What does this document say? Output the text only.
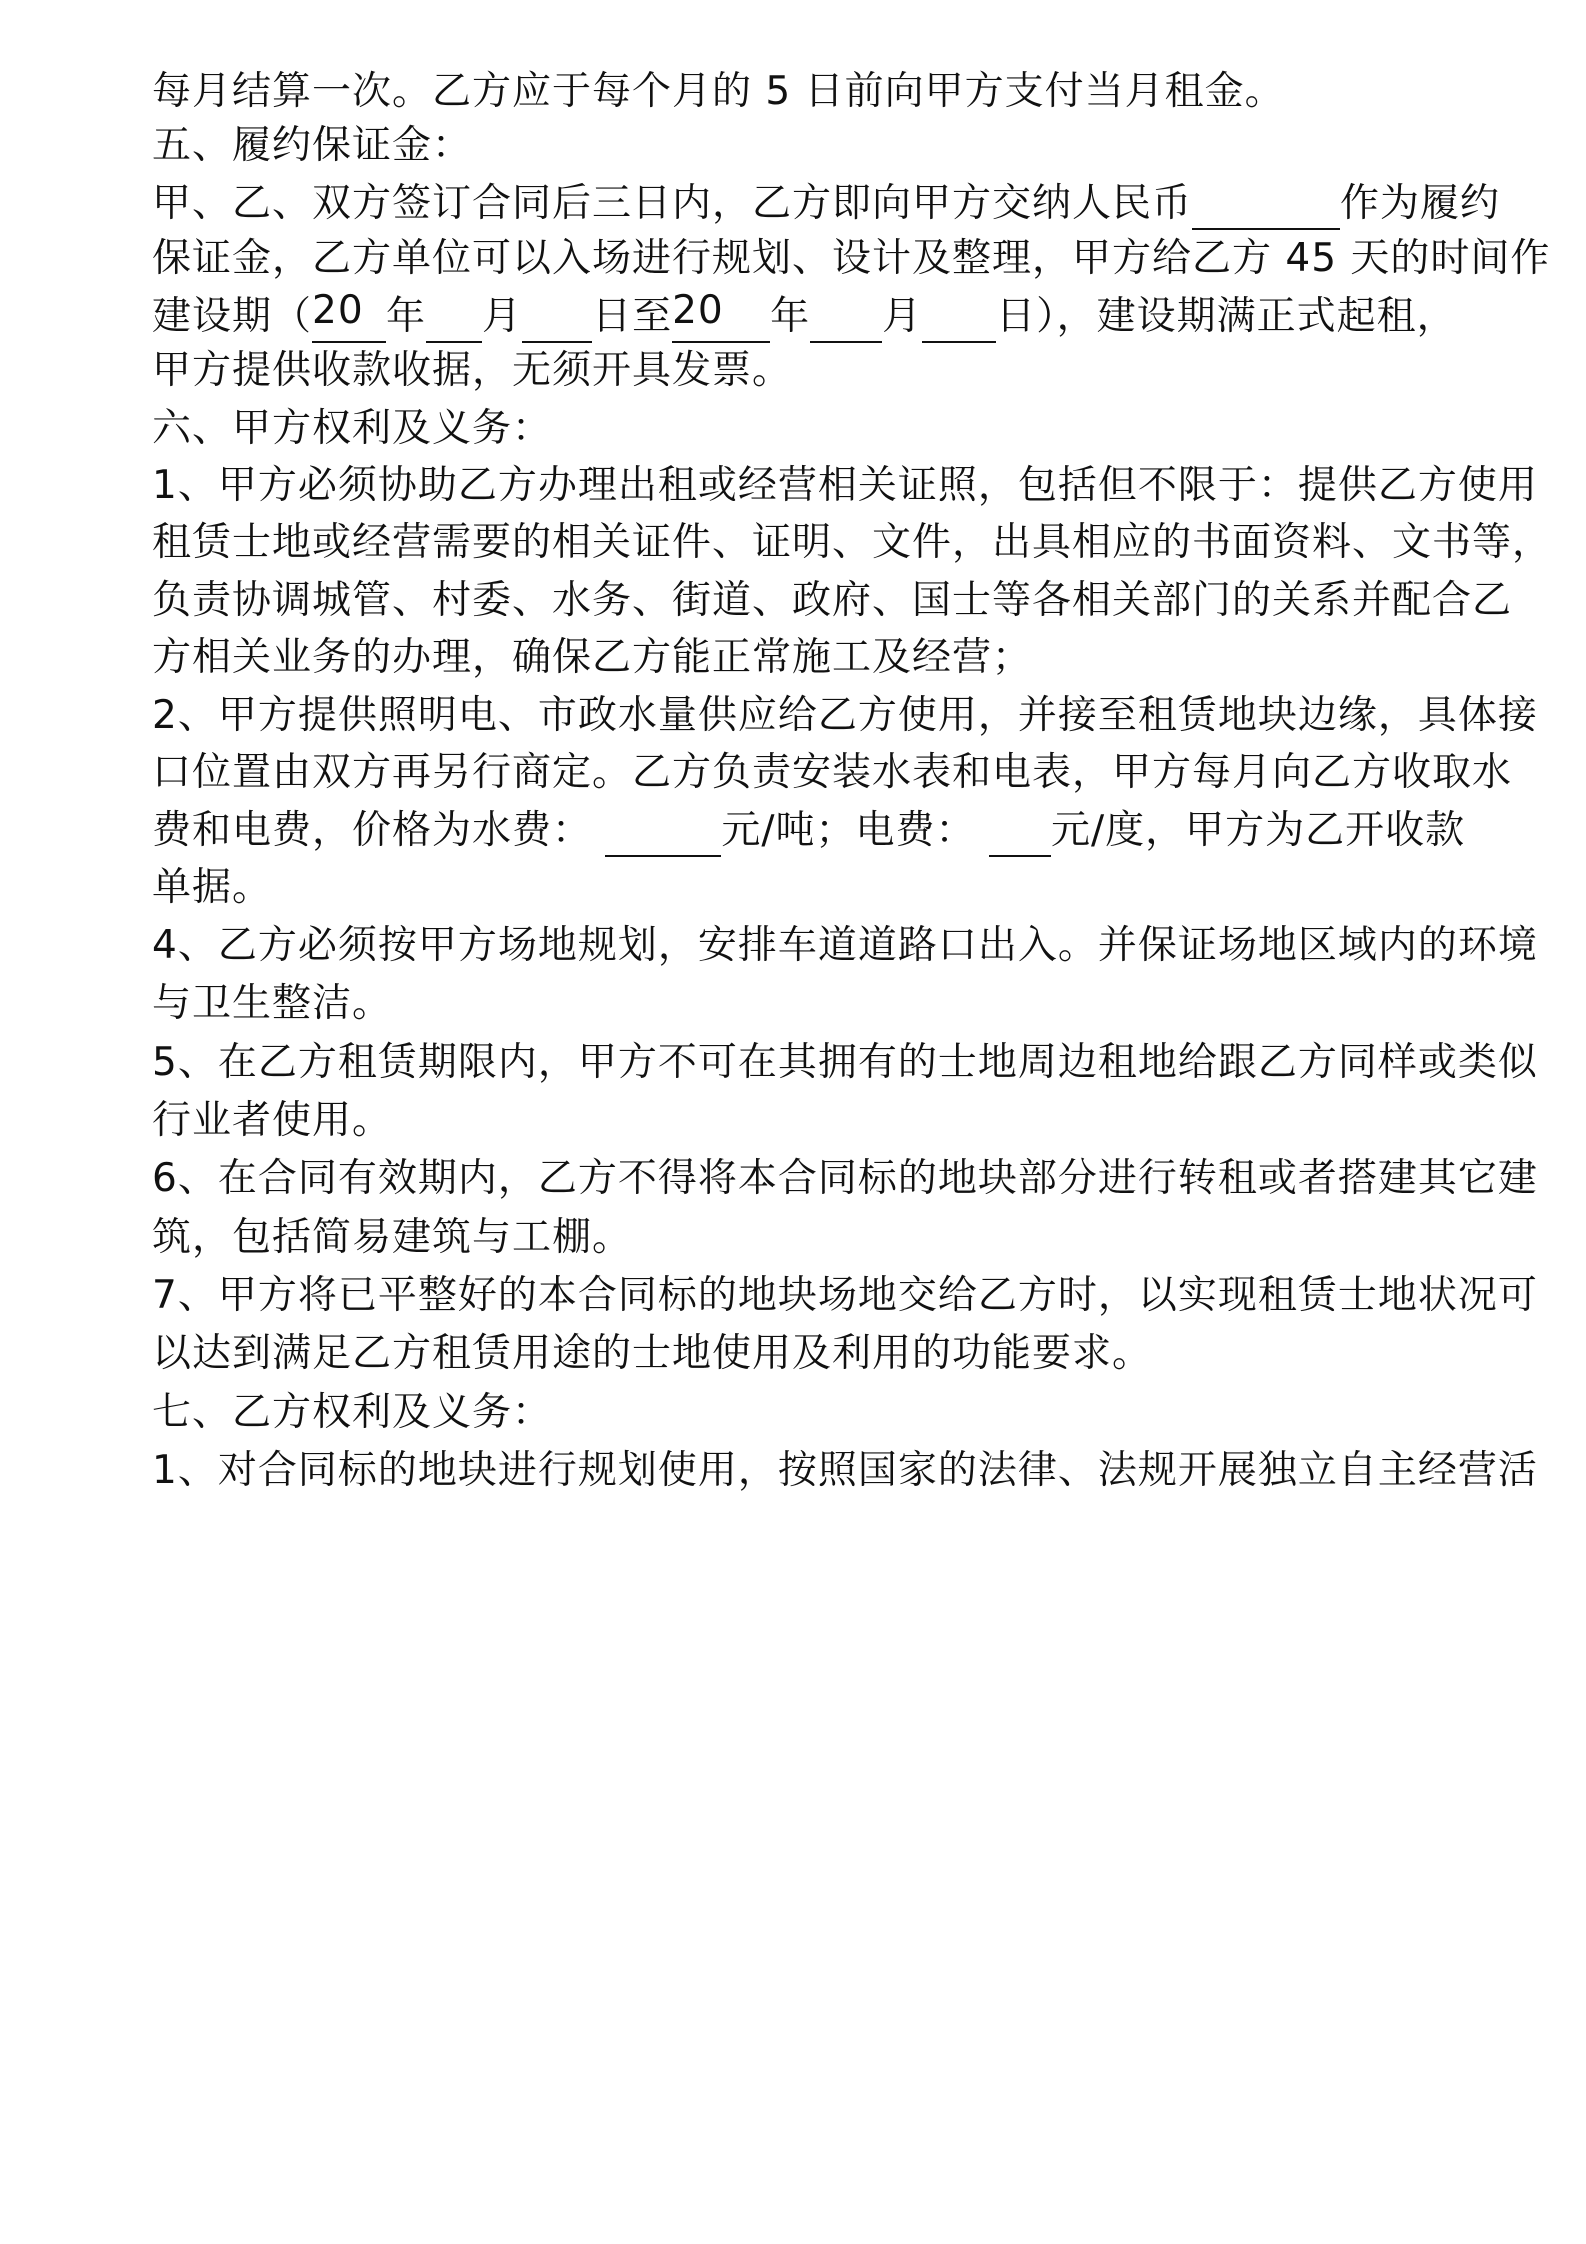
每月结算一次。乙方应于每个月的 5 日前向甲方支付当月租金。
五、履约保证金：
甲、乙、双方签订合同后三日内，乙方即向甲方交纳人民币	作为履约
保证金，乙方单位可以入场进行规划、设计及整理，甲方给乙方 45 天的时间作
建设期（ 20 年 月 日至 20 年 月 日），建设期满正式起租，
甲方提供收款收据，无须开具发票。
六、甲方权利及义务：
1、甲方必须协助乙方办理出租或经营相关证照，包括但不限于：提供乙方使用
租赁士地或经营需要的相关证件、证明、文件，出具相应的书面资料、文书等，
负责协调城管、村委、水务、街道、政府、国士等各相关部门的关系并配合乙
方相关业务的办理，确保乙方能正常施工及经营；
2、甲方提供照明电、市政水量供应给乙方使用，并接至租赁地块边缘，具体接
口位置由双方再另行商定。乙方负责安装水表和电表，甲方每月向乙方收取水
费和电费，价格为水费：	元/吨；电费： 元/度，甲方为乙开收款
单据。
4、乙方必须按甲方场地规划，安排车道道路口出入。并保证场地区域内的环境
与卫生整洁。
5、在乙方租赁期限内，甲方不可在其拥有的士地周边租地给跟乙方同样或类似
行业者使用。
6、在合同有效期内，乙方不得将本合同标的地块部分进行转租或者搭建其它建
筑，包括简易建筑与工棚。
7、甲方将已平整好的本合同标的地块场地交给乙方时，以实现租赁士地状况可
以达到满足乙方租赁用途的士地使用及利用的功能要求。
七、乙方权利及义务：
1、对合同标的地块进行规划使用，按照国家的法律、法规开展独立自主经营活
